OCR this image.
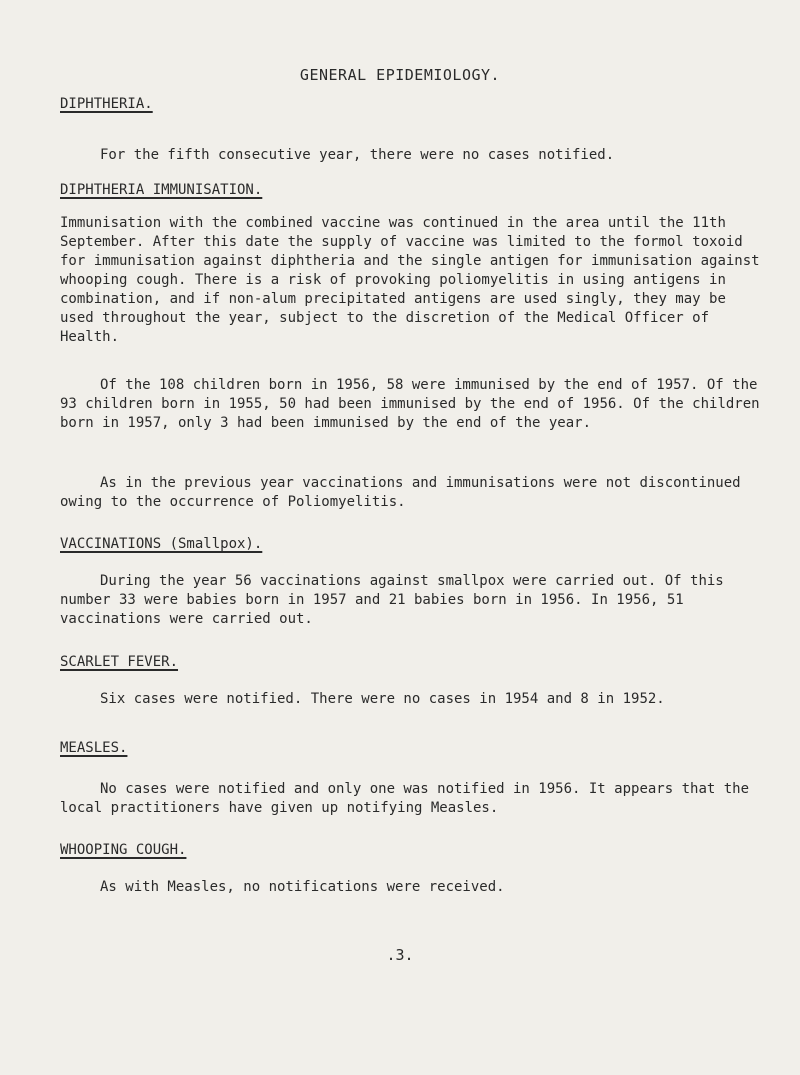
GENERAL EPIDEMIOLOGY.
DIPHTHERIA.
For the fifth consecutive year, there were no cases notified.
DIPHTHERIA IMMUNISATION.
Immunisation with the combined vaccine was continued in the area until the 11th September. After this date the supply of vaccine was limited to the formol toxoid for immunisation against diphtheria and the single antigen for immunisation against whooping cough. There is a risk of provoking poliomyelitis in using antigens in combination, and if non-alum precipitated antigens are used singly, they may be used throughout the year, subject to the discretion of the Medical Officer of Health.
Of the 108 children born in 1956, 58 were immunised by the end of 1957. Of the 93 children born in 1955, 50 had been immunised by the end of 1956. Of the children born in 1957, only 3 had been immunised by the end of the year.
As in the previous year vaccinations and immunisations were not discontinued owing to the occurrence of Poliomyelitis.
VACCINATIONS (Smallpox).
During the year 56 vaccinations against smallpox were carried out. Of this number 33 were babies born in 1957 and 21 babies born in 1956. In 1956, 51 vaccinations were carried out.
SCARLET FEVER.
Six cases were notified. There were no cases in 1954 and 8 in 1952.
MEASLES.
No cases were notified and only one was notified in 1956. It appears that the local practitioners have given up notifying Measles.
WHOOPING COUGH.
As with Measles, no notifications were received.
.3.
